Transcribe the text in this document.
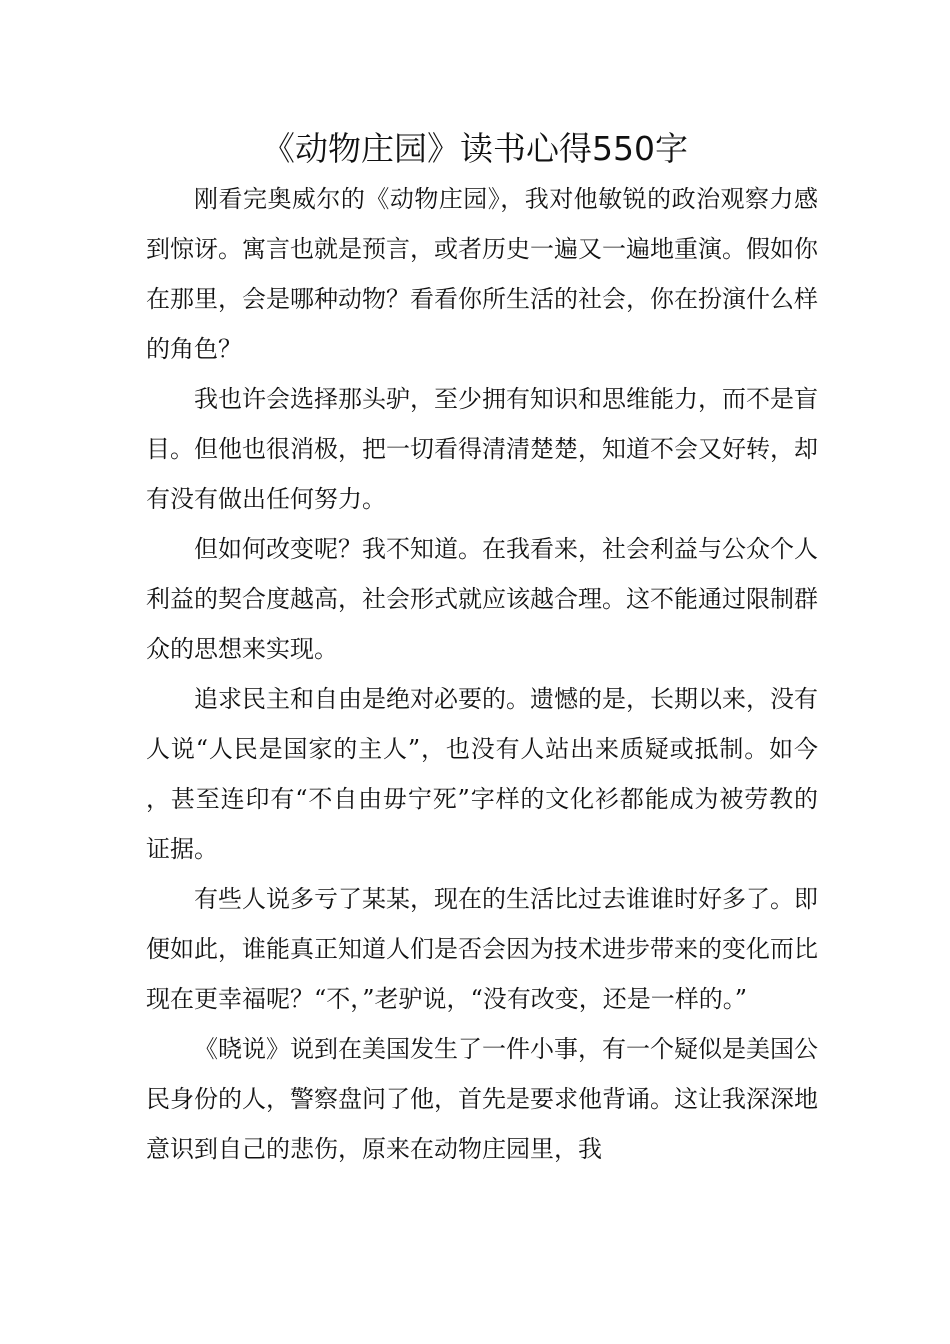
《动物庄园》读书心得550字

刚看完奥威尔的《动物庄园》，我对他敏锐的政治观察力感到惊讶。寓言也就是预言，或者历史一遍又一遍地重演。假如你在那里，会是哪种动物？看看你所生活的社会，你在扮演什么样的角色？

我也许会选择那头驴，至少拥有知识和思维能力，而不是盲目。但他也很消极，把一切看得清清楚楚，知道不会又好转，却有没有做出任何努力。

但如何改变呢？我不知道。在我看来，社会利益与公众个人利益的契合度越高，社会形式就应该越合理。这不能通过限制群众的思想来实现。

追求民主和自由是绝对必要的。遗憾的是，长期以来，没有人说“人民是国家的主人”，也没有人站出来质疑或抵制。如今，甚至连印有“不自由毋宁死”字样的文化衫都能成为被劳教的证据。

有些人说多亏了某某，现在的生活比过去谁谁时好多了。即便如此，谁能真正知道人们是否会因为技术进步带来的变化而比现在更幸福呢？“不，”老驴说，“没有改变，还是一样的。”

《晓说》说到在美国发生了一件小事，有一个疑似是美国公民身份的人，警察盘问了他，首先是要求他背诵。这让我深深地意识到自己的悲伤，原来在动物庄园里，我
